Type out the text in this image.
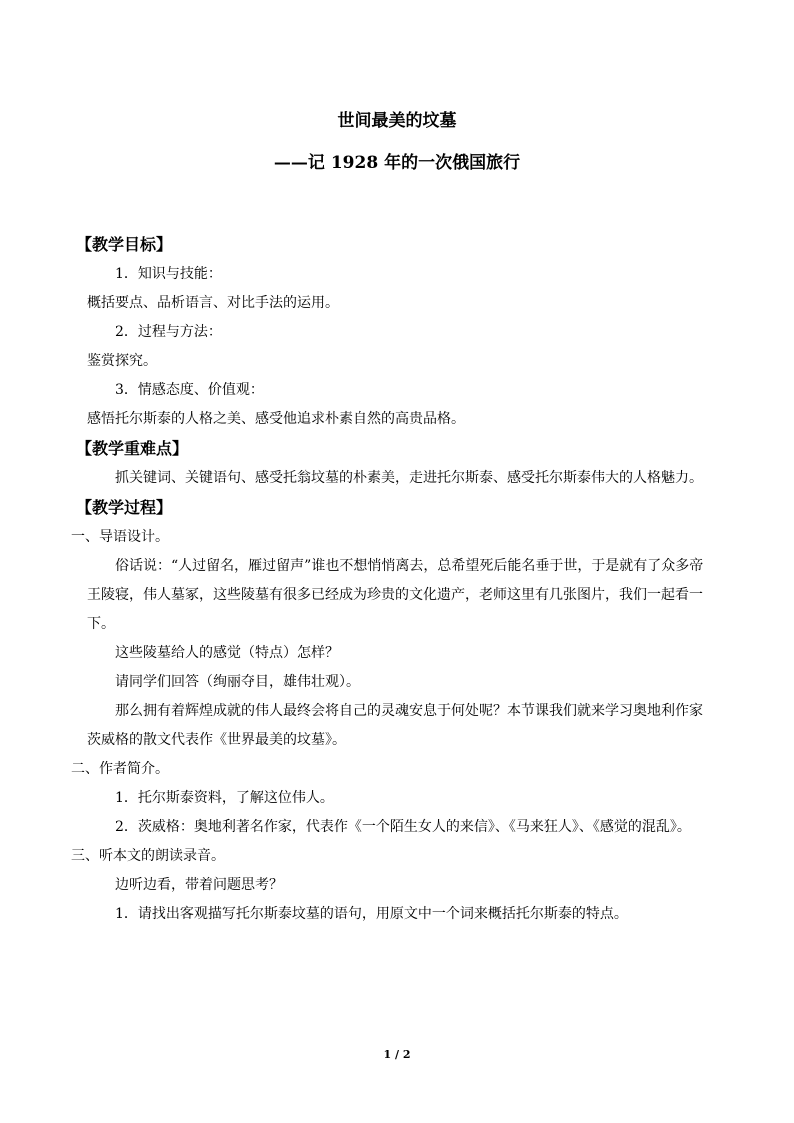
世间最美的坟墓
——记 1928 年的一次俄国旅行

【教学目标】

1．知识与技能：

概括要点、品析语言、对比手法的运用。

2．过程与方法：

鉴赏探究。

3．情感态度、价值观：

感悟托尔斯泰的人格之美、感受他追求朴素自然的高贵品格。

【教学重难点】

抓关键词、关键语句、感受托翁坟墓的朴素美，走进托尔斯泰、感受托尔斯泰伟大的人格魅力。

【教学过程】

一、导语设计。

俗话说：“人过留名，雁过留声”谁也不想悄悄离去，总希望死后能名垂于世，于是就有了众多帝王陵寝，伟人墓冢，这些陵墓有很多已经成为珍贵的文化遗产，老师这里有几张图片，我们一起看一下。

这些陵墓给人的感觉（特点）怎样？

请同学们回答（绚丽夺目，雄伟壮观）。

那么拥有着辉煌成就的伟人最终会将自己的灵魂安息于何处呢？本节课我们就来学习奥地利作家茨威格的散文代表作《世界最美的坟墓》。

二、作者简介。

1．托尔斯泰资料，了解这位伟人。

2．茨威格：奥地利著名作家，代表作《一个陌生女人的来信》、《马来狂人》、《感觉的混乱》。

三、听本文的朗读录音。

边听边看，带着问题思考？

1．请找出客观描写托尔斯泰坟墓的语句，用原文中一个词来概括托尔斯泰的特点。

1 / 2
